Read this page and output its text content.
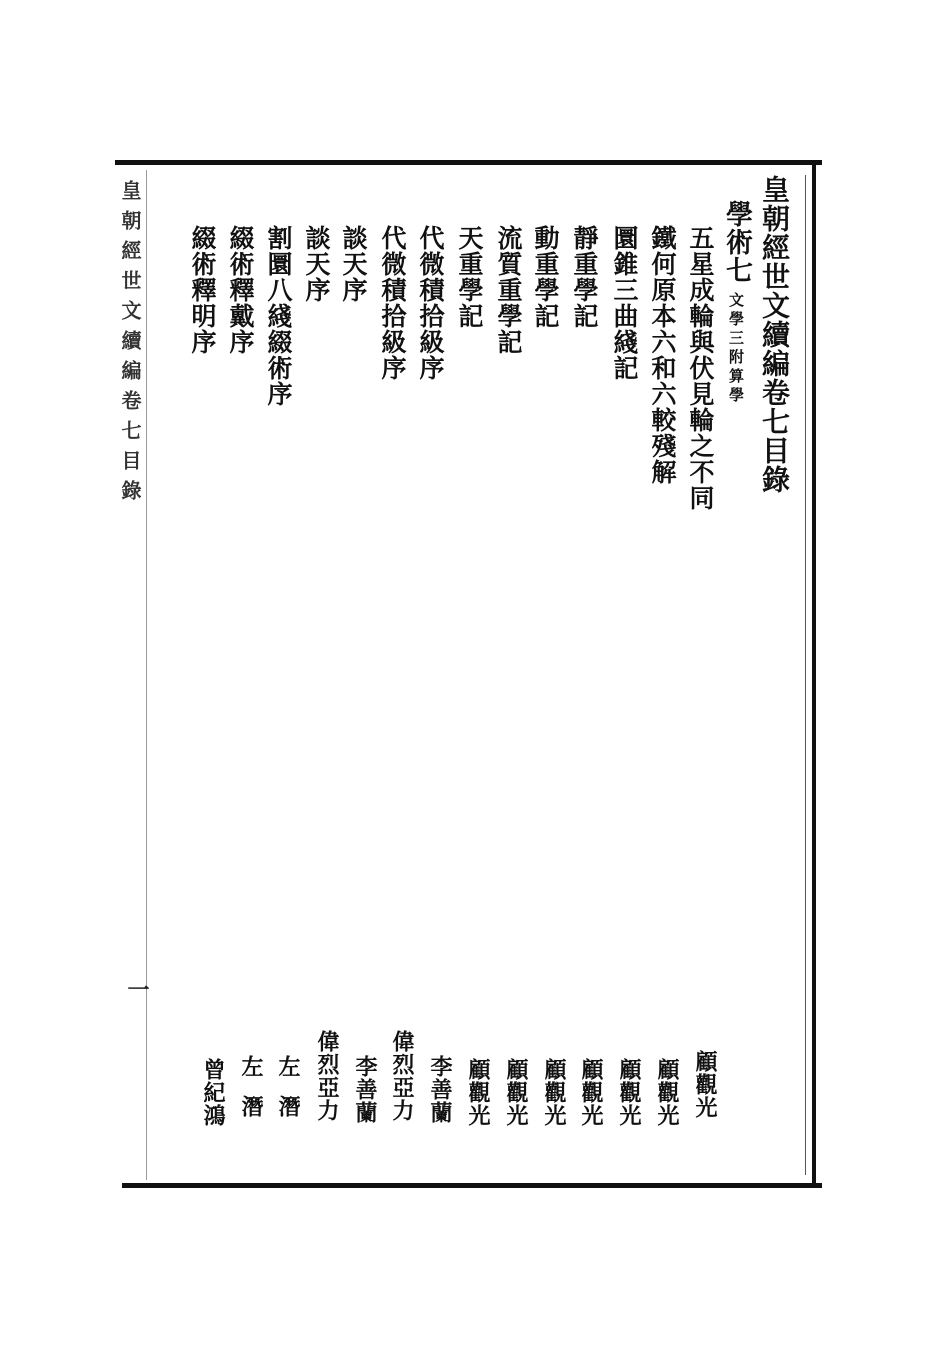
皇朝經世文續編卷七目錄
學術七文學三附算學
五星成輪與伏見輪之不同
鐵何原本六和六較殘解
圜錐三曲綫記
靜重學記
動重學記
流質重學記
天重學記
代微積拾級序
代微積拾級序
談天序
談天序
割圜八綫綴術序
綴術釋戴序
綴術釋明序
顧觀光
顧觀光
顧觀光
顧觀光
顧觀光
顧觀光
顧觀光
李善蘭
李善蘭 偉烈亞力
偉烈亞力
左潛
左潛
曾紀鴻
皇朝經世文續編卷七目錄
一
